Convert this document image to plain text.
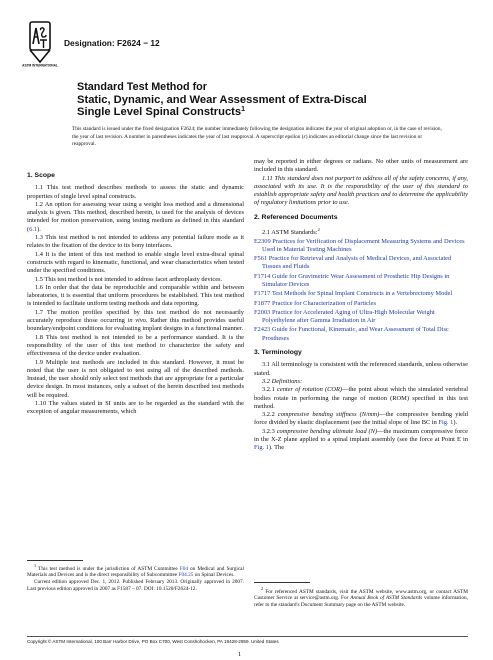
ASTM INTERNATIONAL
Designation: F2624 − 12
Standard Test Method for
Static, Dynamic, and Wear Assessment of Extra-Discal
Single Level Spinal Constructs$^1$
This standard is issued under the fixed designation F2624; the number immediately following the designation indicates the year of original adoption or, in the case of revision, the year of last revision. A number in parentheses indicates the year of last reapproval. A superscript epsilon (ε) indicates an editorial change since the last revision or reapproval.

1. Scope

1.1 This test method describes methods to assess the static and dynamic properties of single level spinal constructs.

1.2 An option for assessing wear using a weight loss method and a dimensional analysis is given. This method, described herein, is used for the analysis of devices intended for motion preservation, using testing medium as defined in this standard (6.1).

1.3 This test method is not intended to address any potential failure mode as it relates to the fixation of the device to its bony interfaces.

1.4 It is the intent of this test method to enable single level extra-discal spinal constructs with regard to kinematic, functional, and wear characteristics when tested under the specified conditions.

1.5 This test method is not intended to address facet arthroplasty devices.

1.6 In order that the data be reproducible and comparable within and between laboratories, it is essential that uniform procedures be established. This test method is intended to facilitate uniform testing methods and data reporting.

1.7 The motion profiles specified by this test method do not necessarily accurately reproduce those occurring in vivo. Rather this method provides useful boundary/endpoint conditions for evaluating implant designs in a functional manner.

1.8 This test method is not intended to be a performance standard. It is the responsibility of the user of this test method to characterize the safety and effectiveness of the device under evaluation.

1.9 Multiple test methods are included in this standard. However, it must be noted that the user is not obligated to test using all of the described methods. Instead, the user should only select test methods that are appropriate for a particular device design. In most instances, only a subset of the herein described test methods will be required.

1.10 The values stated in SI units are to be regarded as the standard with the exception of angular measurements, which

may be reported in either degrees or radians. No other units of measurement are included in this standard.

1.11 This standard does not purport to address all of the safety concerns, if any, associated with its use. It is the responsibility of the user of this standard to establish appropriate safety and health practices and to determine the applicability of regulatory limitations prior to use.

2. Referenced Documents

2.1 ASTM Standards:$^2$

E2309 Practices for Verification of Displacement Measuring Systems and Devices Used in Material Testing Machines
F561 Practice for Retrieval and Analysis of Medical Devices, and Associated Tissues and Fluids
F1714 Guide for Gravimetric Wear Assessment of Prosthetic Hip Designs in Simulator Devices
F1717 Test Methods for Spinal Implant Constructs in a Vertebrectomy Model
F1877 Practice for Characterization of Particles
F2003 Practice for Accelerated Aging of Ultra-High Molecular Weight Polyethylene after Gamma Irradiation in Air
F2423 Guide for Functional, Kinematic, and Wear Assessment of Total Disc Prostheses

3. Terminology

3.1 All terminology is consistent with the referenced standards, unless otherwise stated.

3.2 Definitions:

3.2.1 center of rotation (COR)—the point about which the simulated vertebral bodies rotate in performing the range of motion (ROM) specified in this test method.

3.2.2 compressive bending stiffness (N/mm)—the compressive bending yield force divided by elastic displacement (see the initial slope of line BC in Fig. 1).

3.2.3 compressive bending ultimate load (N)—the maximum compressive force in the X-Z plane applied to a spinal implant assembly (see the force at Point E in Fig. 1). The

$^1$ This test method is under the jurisdiction of ASTM Committee F04 on Medical and Surgical Materials and Devices and is the direct responsibility of Subcommittee F04.25 on Spinal Devices.

Current edition approved Dec. 1, 2012. Published February 2013. Originally approved in 2007. Last previous edition approved in 2007 as F1587 – 07. DOI: 10.1520/F2624-12.	$^2$ For referenced ASTM standards, visit the ASTM website, www.astm.org, or contact ASTM Customer Service at service@astm.org. For Annual Book of ASTM Standards volume information, refer to the standard's Document Summary page on the ASTM website.

Copyright © ASTM International, 100 Barr Harbor Drive, PO Box C700, West Conshohocken, PA 19428-2959. United States
1
